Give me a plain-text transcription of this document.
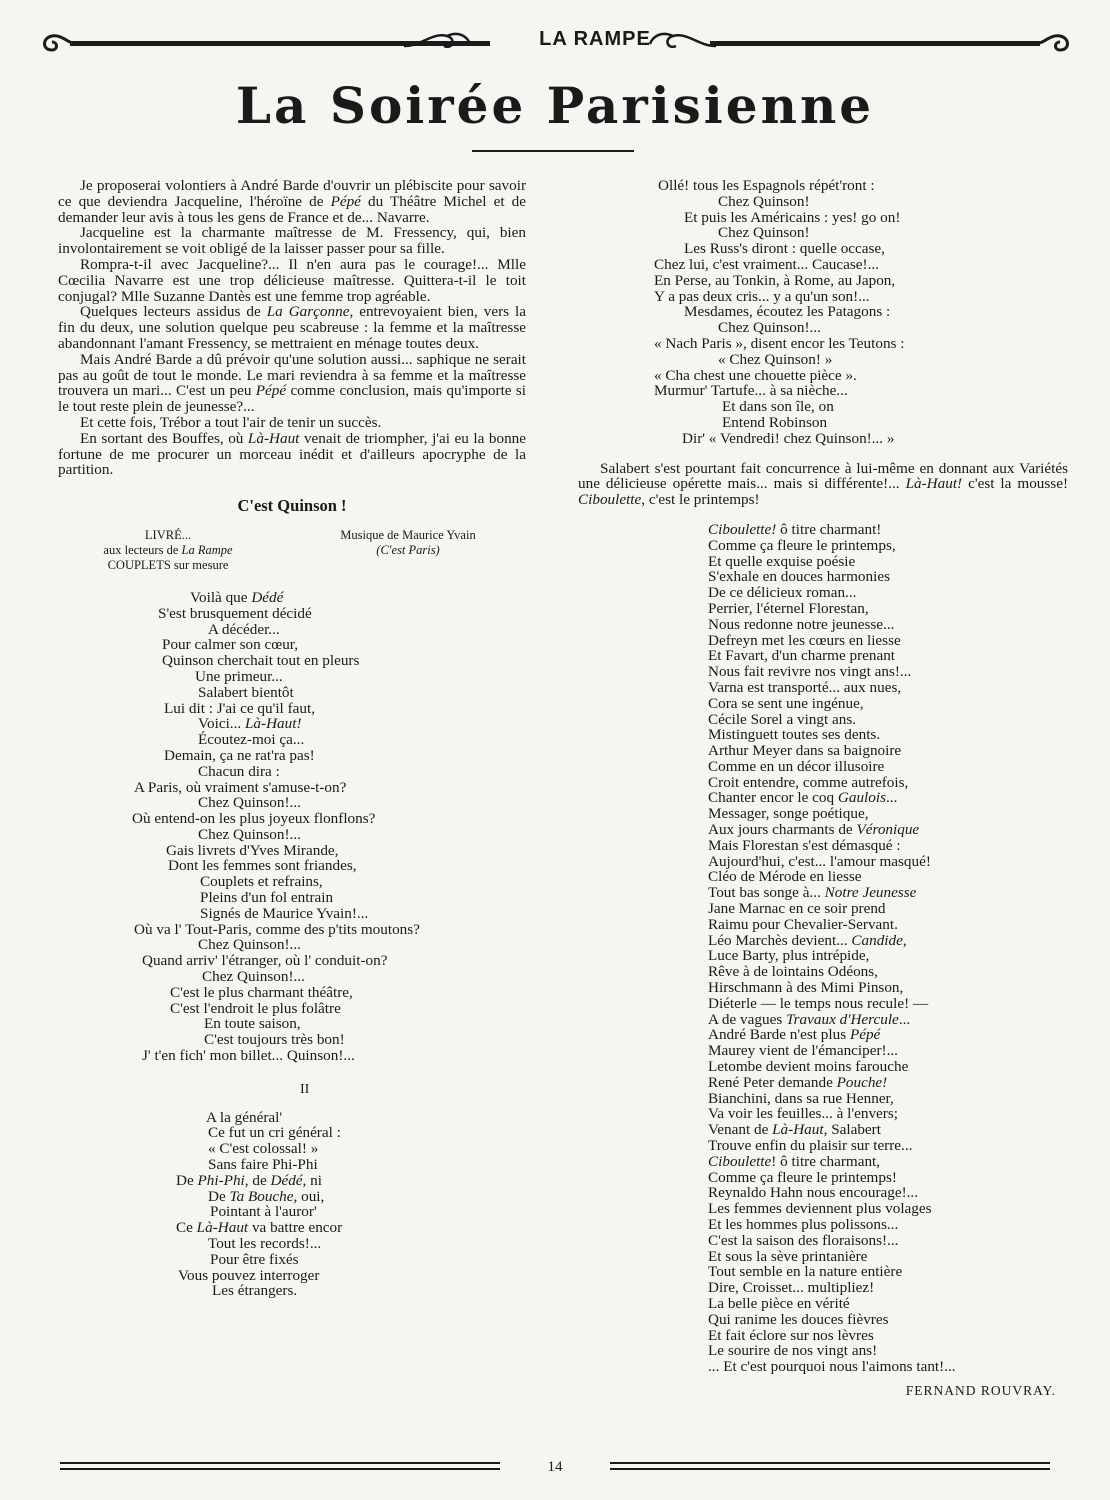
LA RAMPE
La Soirée Parisienne

Je proposerai volontiers à André Barde d'ouvrir un plébiscite pour savoir ce que deviendra Jacqueline, l'héroïne de Pépé du Théâtre Michel et de demander leur avis à tous les gens de France et de... Navarre.

Jacqueline est la charmante maîtresse de M. Fressency, qui, bien involontairement se voit obligé de la laisser passer pour sa fille.

Rompra-t-il avec Jacqueline?... Il n'en aura pas le courage!... Mlle Cœcilia Navarre est une trop délicieuse maîtresse. Quittera-t-il le toit conjugal? Mlle Suzanne Dantès est une femme trop agréable.

Quelques lecteurs assidus de La Garçonne, entrevoyaient bien, vers la fin du deux, une solution quelque peu scabreuse : la femme et la maîtresse abandonnant l'amant Fressency, se mettraient en ménage toutes deux.

Mais André Barde a dû prévoir qu'une solution aussi... saphique ne serait pas au goût de tout le monde. Le mari reviendra à sa femme et la maîtresse trouvera un mari... C'est un peu Pépé comme conclusion, mais qu'importe si le tout reste plein de jeunesse?...

Et cette fois, Trébor a tout l'air de tenir un succès.

En sortant des Bouffes, où Là-Haut venait de triompher, j'ai eu la bonne fortune de me procurer un morceau inédit et d'ailleurs apocryphe de la partition.

C'est Quinson !
LIVRÉ...
aux lecteurs de La Rampe
COUPLETS sur mesure
Musique de Maurice Yvain
(C'est Paris)
Voilà que Dédé
S'est brusquement décidé
A décéder...
Pour calmer son cœur,
Quinson cherchait tout en pleurs
Une primeur...
Salabert bientôt
Lui dit : J'ai ce qu'il faut,
Voici... Là-Haut!
Écoutez-moi ça...
Demain, ça ne rat'ra pas!
Chacun dira :
A Paris, où vraiment s'amuse-t-on?
Chez Quinson!...
Où entend-on les plus joyeux flonflons?
Chez Quinson!...
Gais livrets d'Yves Mirande,
Dont les femmes sont friandes,
Couplets et refrains,
Pleins d'un fol entrain
Signés de Maurice Yvain!...
Où va l' Tout-Paris, comme des p'tits moutons?
Chez Quinson!...
Quand arriv' l'étranger, où l' conduit-on?
Chez Quinson!...
C'est le plus charmant théâtre,
C'est l'endroit le plus folâtre
En toute saison,
C'est toujours très bon!
J' t'en fich' mon billet... Quinson!...
II
A la général'
Ce fut un cri général :
« C'est colossal! »
Sans faire Phi-Phi
De Phi-Phi, de Dédé, ni
De Ta Bouche, oui,
Pointant à l'auror'
Ce Là-Haut va battre encor
Tout les records!...
Pour être fixés
Vous pouvez interroger
Les étrangers.
Ollé! tous les Espagnols répét'ront :
Chez Quinson!
Et puis les Américains : yes! go on!
Chez Quinson!
Les Russ's diront : quelle occase,
Chez lui, c'est vraiment... Caucase!...
En Perse, au Tonkin, à Rome, au Japon,
Y a pas deux cris... y a qu'un son!...
Mesdames, écoutez les Patagons :
Chez Quinson!...
« Nach Paris », disent encor les Teutons :
« Chez Quinson! »
« Cha chest une chouette pièce ».
Murmur' Tartufe... à sa nièche...
Et dans son île, on
Entend Robinson
Dir' « Vendredi! chez Quinson!... »

Salabert s'est pourtant fait concurrence à lui-même en donnant aux Variétés une délicieuse opérette mais... mais si différente!... Là-Haut! c'est la mousse! Ciboulette, c'est le printemps!

Ciboulette! ô titre charmant!
Comme ça fleure le printemps,
Et quelle exquise poésie
S'exhale en douces harmonies
De ce délicieux roman...
Perrier, l'éternel Florestan,
Nous redonne notre jeunesse...
Defreyn met les cœurs en liesse
Et Favart, d'un charme prenant
Nous fait revivre nos vingt ans!...
Varna est transporté... aux nues,
Cora se sent une ingénue,
Cécile Sorel a vingt ans.
Mistinguett toutes ses dents.
Arthur Meyer dans sa baignoire
Comme en un décor illusoire
Croit entendre, comme autrefois,
Chanter encor le coq Gaulois...
Messager, songe poétique,
Aux jours charmants de Véronique
Mais Florestan s'est démasqué :
Aujourd'hui, c'est... l'amour masqué!
Cléo de Mérode en liesse
Tout bas songe à... Notre Jeunesse
Jane Marnac en ce soir prend
Raimu pour Chevalier-Servant.
Léo Marchès devient... Candide,
Luce Barty, plus intrépide,
Rêve à de lointains Odéons,
Hirschmann à des Mimi Pinson,
Diéterle — le temps nous recule! —
A de vagues Travaux d'Hercule...
André Barde n'est plus Pépé
Maurey vient de l'émanciper!...
Letombe devient moins farouche
René Peter demande Pouche!
Bianchini, dans sa rue Henner,
Va voir les feuilles... à l'envers;
Venant de Là-Haut, Salabert
Trouve enfin du plaisir sur terre...
Ciboulette! ô titre charmant,
Comme ça fleure le printemps!
Reynaldo Hahn nous encourage!...
Les femmes deviennent plus volages
Et les hommes plus polissons...
C'est la saison des floraisons!...
Et sous la sève printanière
Tout semble en la nature entière
Dire, Croisset... multipliez!
La belle pièce en vérité
Qui ranime les douces fièvres
Et fait éclore sur nos lèvres
Le sourire de nos vingt ans!
... Et c'est pourquoi nous l'aimons tant!...
FERNAND ROUVRAY.
14
